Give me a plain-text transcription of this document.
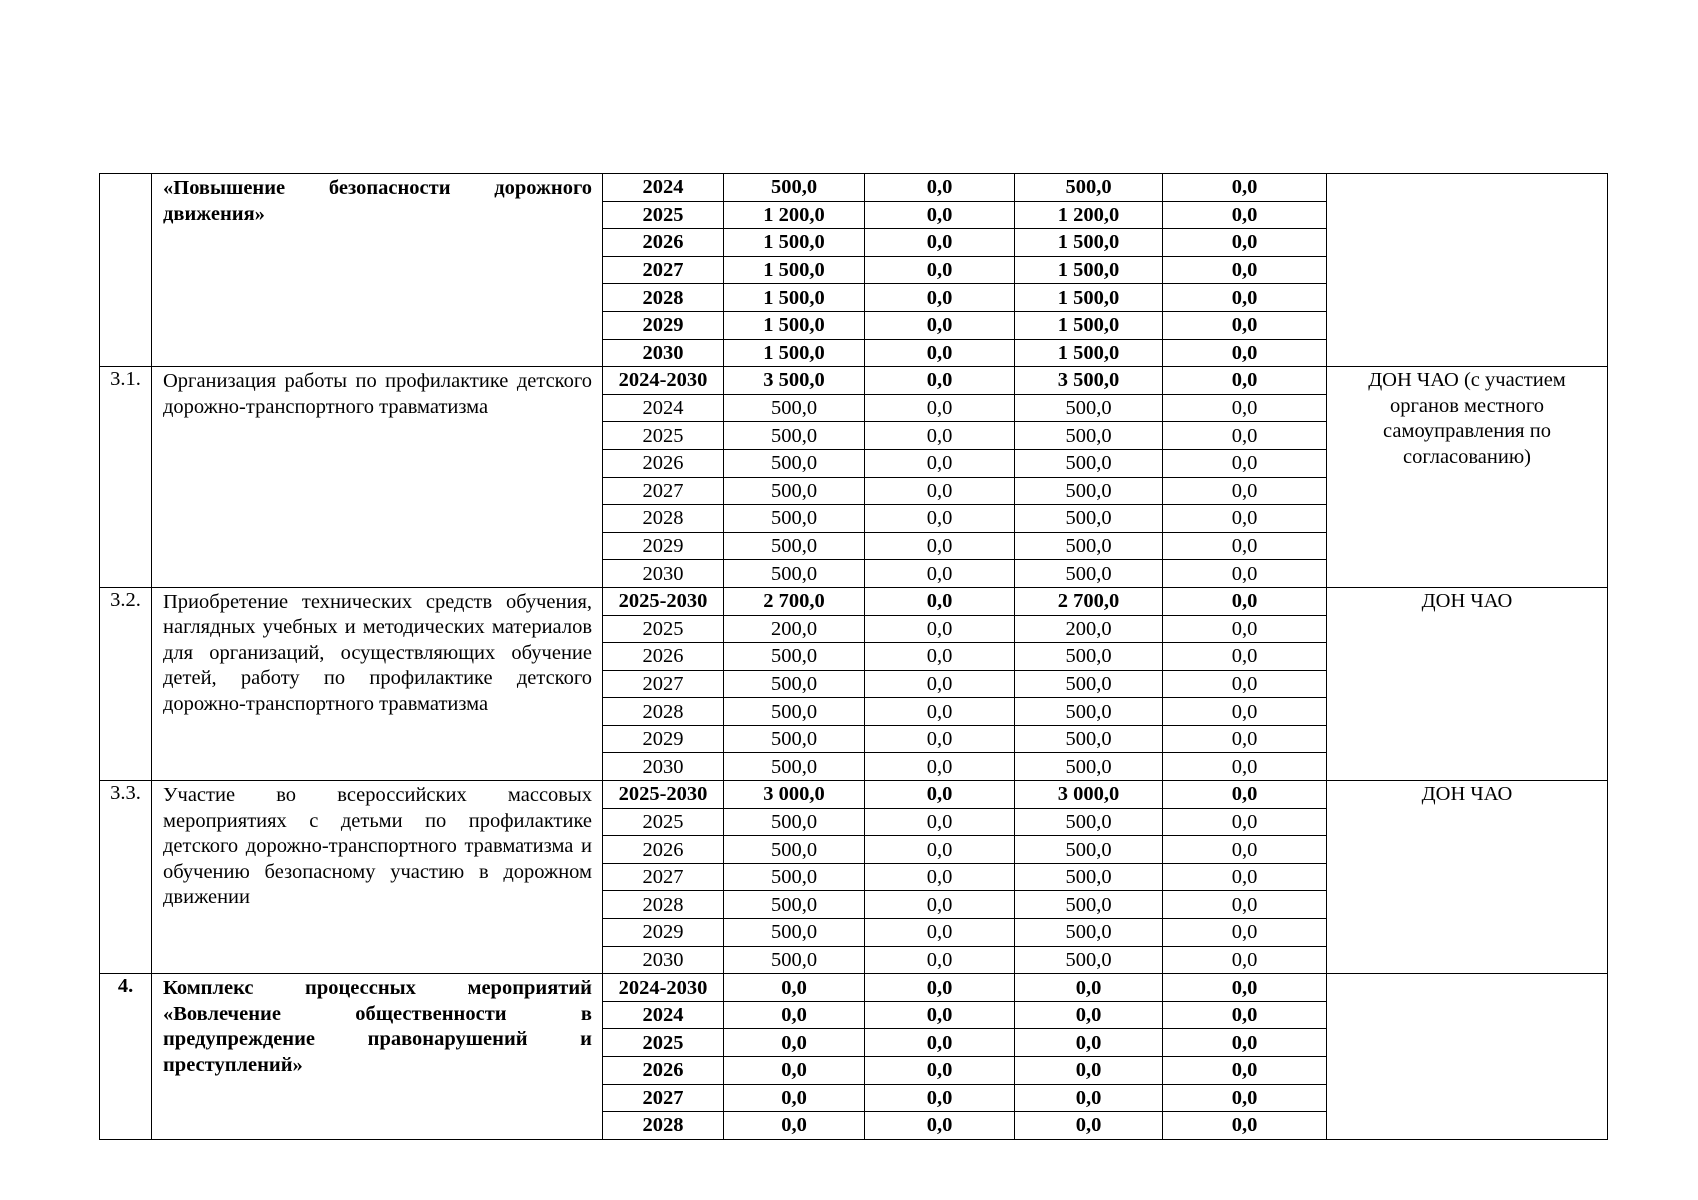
	«Повышение безопасности дорожного движения»	2024	500,0	0,0	500,0	0,0	
		2025	1 200,0	0,0	1 200,0	0,0	
		2026	1 500,0	0,0	1 500,0	0,0	
		2027	1 500,0	0,0	1 500,0	0,0	
		2028	1 500,0	0,0	1 500,0	0,0	
		2029	1 500,0	0,0	1 500,0	0,0	
		2030	1 500,0	0,0	1 500,0	0,0	
3.1.	Организация работы по профилактике детского дорожно-транспортного травматизма	2024-2030	3 500,0	0,0	3 500,0	0,0	ДОН ЧАО (с участием органов местного самоуправления по согласованию)
		2024	500,0	0,0	500,0	0,0	
		2025	500,0	0,0	500,0	0,0	
		2026	500,0	0,0	500,0	0,0	
		2027	500,0	0,0	500,0	0,0	
		2028	500,0	0,0	500,0	0,0	
		2029	500,0	0,0	500,0	0,0	
		2030	500,0	0,0	500,0	0,0	
3.2.	Приобретение технических средств обучения, наглядных учебных и методических материалов для организаций, осуществляющих обучение детей, работу по профилактике детского дорожно-транспортного травматизма	2025-2030	2 700,0	0,0	2 700,0	0,0	ДОН ЧАО
		2025	200,0	0,0	200,0	0,0	
		2026	500,0	0,0	500,0	0,0	
		2027	500,0	0,0	500,0	0,0	
		2028	500,0	0,0	500,0	0,0	
		2029	500,0	0,0	500,0	0,0	
		2030	500,0	0,0	500,0	0,0	
3.3.	Участие во всероссийских массовых мероприятиях с детьми по профилактике детского дорожно-транспортного травматизма и обучению безопасному участию в дорожном движении	2025-2030	3 000,0	0,0	3 000,0	0,0	ДОН ЧАО
		2025	500,0	0,0	500,0	0,0	
		2026	500,0	0,0	500,0	0,0	
		2027	500,0	0,0	500,0	0,0	
		2028	500,0	0,0	500,0	0,0	
		2029	500,0	0,0	500,0	0,0	
		2030	500,0	0,0	500,0	0,0	
4.	Комплекс процессных мероприятий «Вовлечение общественности в предупреждение правонарушений и преступлений»	2024-2030	0,0	0,0	0,0	0,0	
		2024	0,0	0,0	0,0	0,0	
		2025	0,0	0,0	0,0	0,0	
		2026	0,0	0,0	0,0	0,0	
		2027	0,0	0,0	0,0	0,0	
		2028	0,0	0,0	0,0	0,0	
